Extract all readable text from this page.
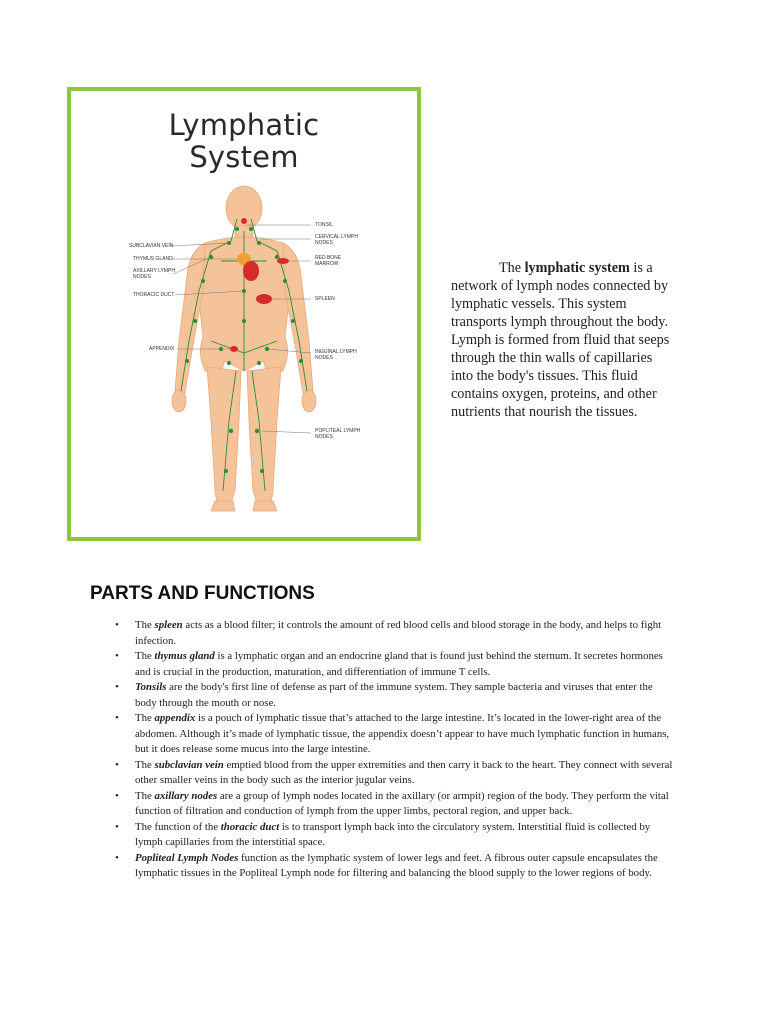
SUBCLAVIAN VEIN
THYMUS GLAND
AXILLARY LYMPH
NODES
THORACIC DUCT
APPENDIX
TONSIL
CERVICAL LYMPH
NODES
RED BONE
MARROW
SPLEEN
INGUINAL LYMPH
NODES
POPLITEAL LYMPH
NODES
Lymphatic
System

The lymphatic system is a network of lymph nodes connected by lymphatic vessels. This system transports lymph throughout the body. Lymph is formed from fluid that seeps through the thin walls of capillaries into the body's tissues. This fluid contains oxygen, proteins, and other nutrients that nourish the tissues.

PARTS AND FUNCTIONS
• The spleen acts as a blood filter; it controls the amount of red blood cells and blood storage in the body, and helps to fight infection.
• The thymus gland is a lymphatic organ and an endocrine gland that is found just behind the sternum. It secretes hormones and is crucial in the production, maturation, and differentiation of immune T cells.
• Tonsils are the body's first line of defense as part of the immune system. They sample bacteria and viruses that enter the body through the mouth or nose.
• The appendix is a pouch of lymphatic tissue that’s attached to the large intestine. It’s located in the lower-right area of the abdomen. Although it’s made of lymphatic tissue, the appendix doesn’t appear to have much lymphatic function in humans, but it does release some mucus into the large intestine.
• The subclavian vein emptied blood from the upper extremities and then carry it back to the heart. They connect with several other smaller veins in the body such as the interior jugular veins.
• The axillary nodes are a group of lymph nodes located in the axillary (or armpit) region of the body. They perform the vital function of filtration and conduction of lymph from the upper limbs, pectoral region, and upper back.
• The function of the thoracic duct is to transport lymph back into the circulatory system. Interstitial fluid is collected by lymph capillaries from the interstitial space.
• Popliteal Lymph Nodes function as the lymphatic system of lower legs and feet. A fibrous outer capsule encapsulates the lymphatic tissues in the Popliteal Lymph node for filtering and balancing the blood supply to the lower regions of body.
